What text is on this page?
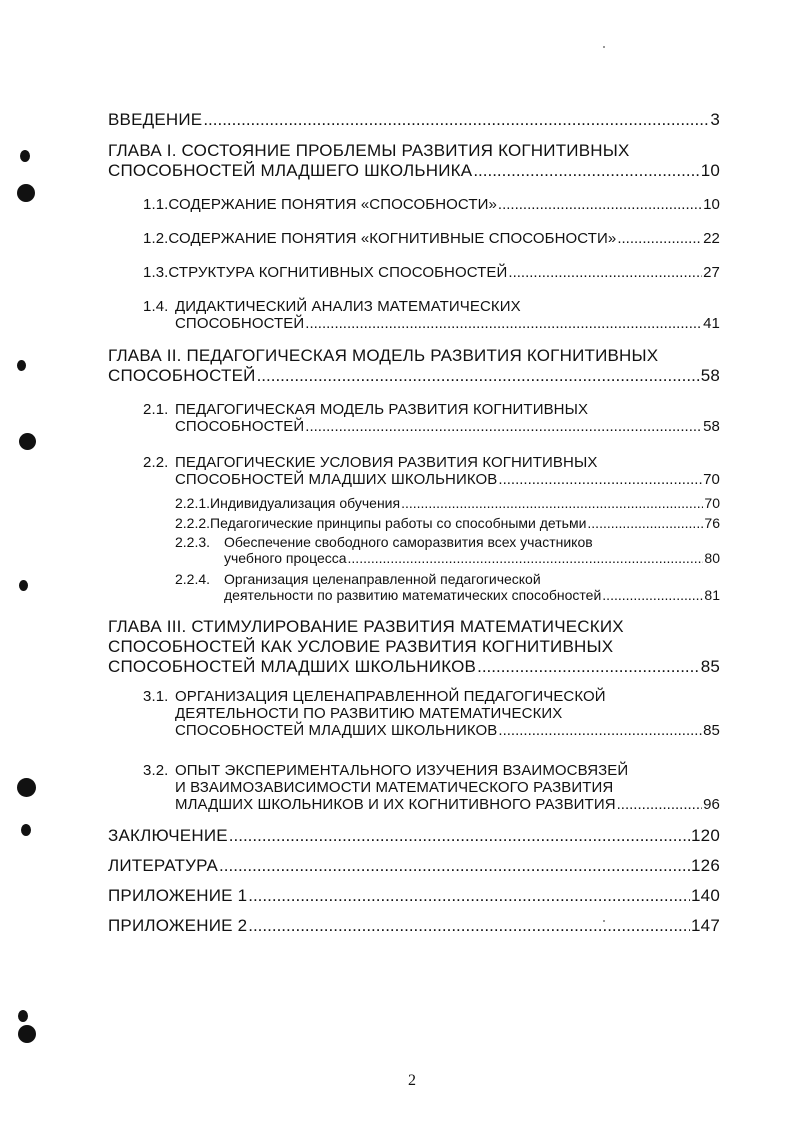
ВВЕДЕНИЕ .....	3
ГЛАВА I. СОСТОЯНИЕ ПРОБЛЕМЫ РАЗВИТИЯ КОГНИТИВНЫХ
СПОСОБНОСТЕЙ МЛАДШЕГО ШКОЛЬНИКА .....	10
1.1. СОДЕРЖАНИЕ ПОНЯТИЯ «СПОСОБНОСТИ» .....	10
1.2. СОДЕРЖАНИЕ ПОНЯТИЯ «КОГНИТИВНЫЕ СПОСОБНОСТИ» .....	22
1.3. СТРУКТУРА КОГНИТИВНЫХ СПОСОБНОСТЕЙ .....	27
1.4. ДИДАКТИЧЕСКИЙ АНАЛИЗ МАТЕМАТИЧЕСКИХ
СПОСОБНОСТЕЙ .....	41
ГЛАВА II. ПЕДАГОГИЧЕСКАЯ МОДЕЛЬ РАЗВИТИЯ КОГНИТИВНЫХ
СПОСОБНОСТЕЙ .....	58
2.1. ПЕДАГОГИЧЕСКАЯ МОДЕЛЬ РАЗВИТИЯ КОГНИТИВНЫХ
СПОСОБНОСТЕЙ .....	58
2.2. ПЕДАГОГИЧЕСКИЕ УСЛОВИЯ РАЗВИТИЯ КОГНИТИВНЫХ
СПОСОБНОСТЕЙ МЛАДШИХ ШКОЛЬНИКОВ .....	70
2.2.1. Индивидуализация обучения .....	70
2.2.2. Педагогические принципы работы со способными детьми .....	76
2.2.3. Обеспечение свободного саморазвития всех участников
учебного процесса .....	80
2.2.4. Организация целенаправленной педагогической
деятельности по развитию математических способностей .....	81
ГЛАВА III. СТИМУЛИРОВАНИЕ РАЗВИТИЯ МАТЕМАТИЧЕСКИХ
СПОСОБНОСТЕЙ КАК УСЛОВИЕ РАЗВИТИЯ КОГНИТИВНЫХ
СПОСОБНОСТЕЙ МЛАДШИХ ШКОЛЬНИКОВ .....	85
3.1. ОРГАНИЗАЦИЯ ЦЕЛЕНАПРАВЛЕННОЙ ПЕДАГОГИЧЕСКОЙ
ДЕЯТЕЛЬНОСТИ ПО РАЗВИТИЮ МАТЕМАТИЧЕСКИХ
СПОСОБНОСТЕЙ МЛАДШИХ ШКОЛЬНИКОВ .....	85
3.2. ОПЫТ ЭКСПЕРИМЕНТАЛЬНОГО ИЗУЧЕНИЯ ВЗАИМОСВЯЗЕЙ
И ВЗАИМОЗАВИСИМОСТИ МАТЕМАТИЧЕСКОГО РАЗВИТИЯ
МЛАДШИХ ШКОЛЬНИКОВ И ИХ КОГНИТИВНОГО РАЗВИТИЯ .....	96
ЗАКЛЮЧЕНИЕ .....	120
ЛИТЕРАТУРА .....	126
ПРИЛОЖЕНИЕ 1 .....	140
ПРИЛОЖЕНИЕ 2 .....	147
2
